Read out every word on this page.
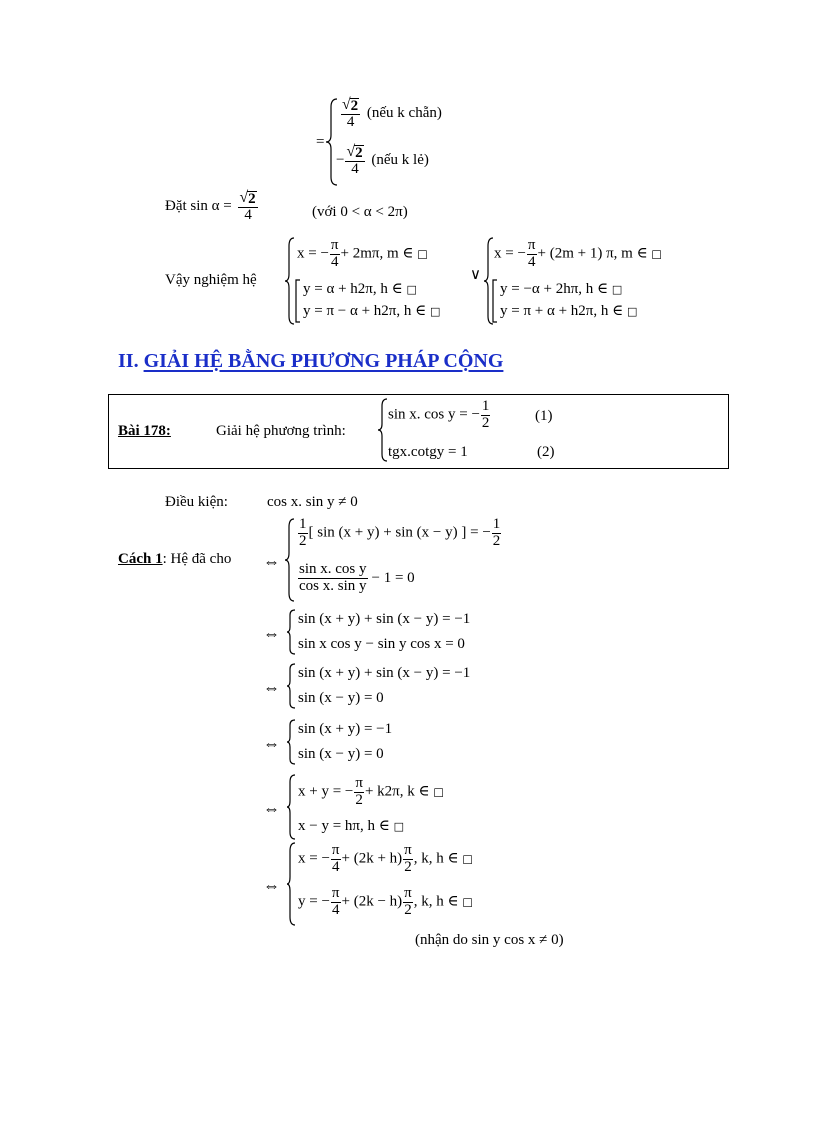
=
$\frac{√ 2}{4}$ (nếu k chẵn)
− $\frac{√ 2}{4}$ (nếu k lẻ)
Đặt $\sin \alpha = \frac{√ 2}{4}$	(với 0 < α < 2π)
Vậy nghiệm hệ
x = − $\frac{\pi}{4} + 2m\pi$, m ∈ □
y = α + h2π, h ∈ □
y = π − α + h2π, h ∈ □
∨
x = − $\frac{\pi}{4} + (2m + 1)$ π, m ∈ □
y = −α + 2hπ, h ∈ □
y = π + α + h2π, h ∈ □
II. GIẢI HỆ BẰNG PHƯƠNG PHÁP CỘNG
Bài 178:	Giải hệ phương trình:
sin x. cos y = − $\frac{1}{2}$	(1)
tgx.cotgy = 1	(2)
Điều kiện:	cos x. sin y ≠ 0
Cách 1: Hệ đã cho ⇔
$\frac{1}{2}$ [ sin (x + y) + sin (x − y) ] = − $\frac{1}{2}$
$\frac{\text{sin x. cos y}}{\text{cos x. sin y}} - 1 = 0$
⇔
sin (x + y) + sin (x − y) = −1
sin x cos y − sin y cos x = 0
⇔
sin (x + y) + sin (x − y) = −1
sin (x − y) = 0
⇔
sin (x + y) = −1
sin (x − y) = 0
⇔
x + y = − $\frac{\pi}{2} + k2\pi$, k ∈ □
x − y = hπ, h ∈ □
⇔
x = − $\frac{\pi}{4} + (2k + h) \frac{\pi}{2}$ , k, h ∈ □
y = − $\frac{\pi}{4} + (2k - h) \frac{\pi}{2}$ , k, h ∈ □
(nhận do sin y cos x ≠ 0)
